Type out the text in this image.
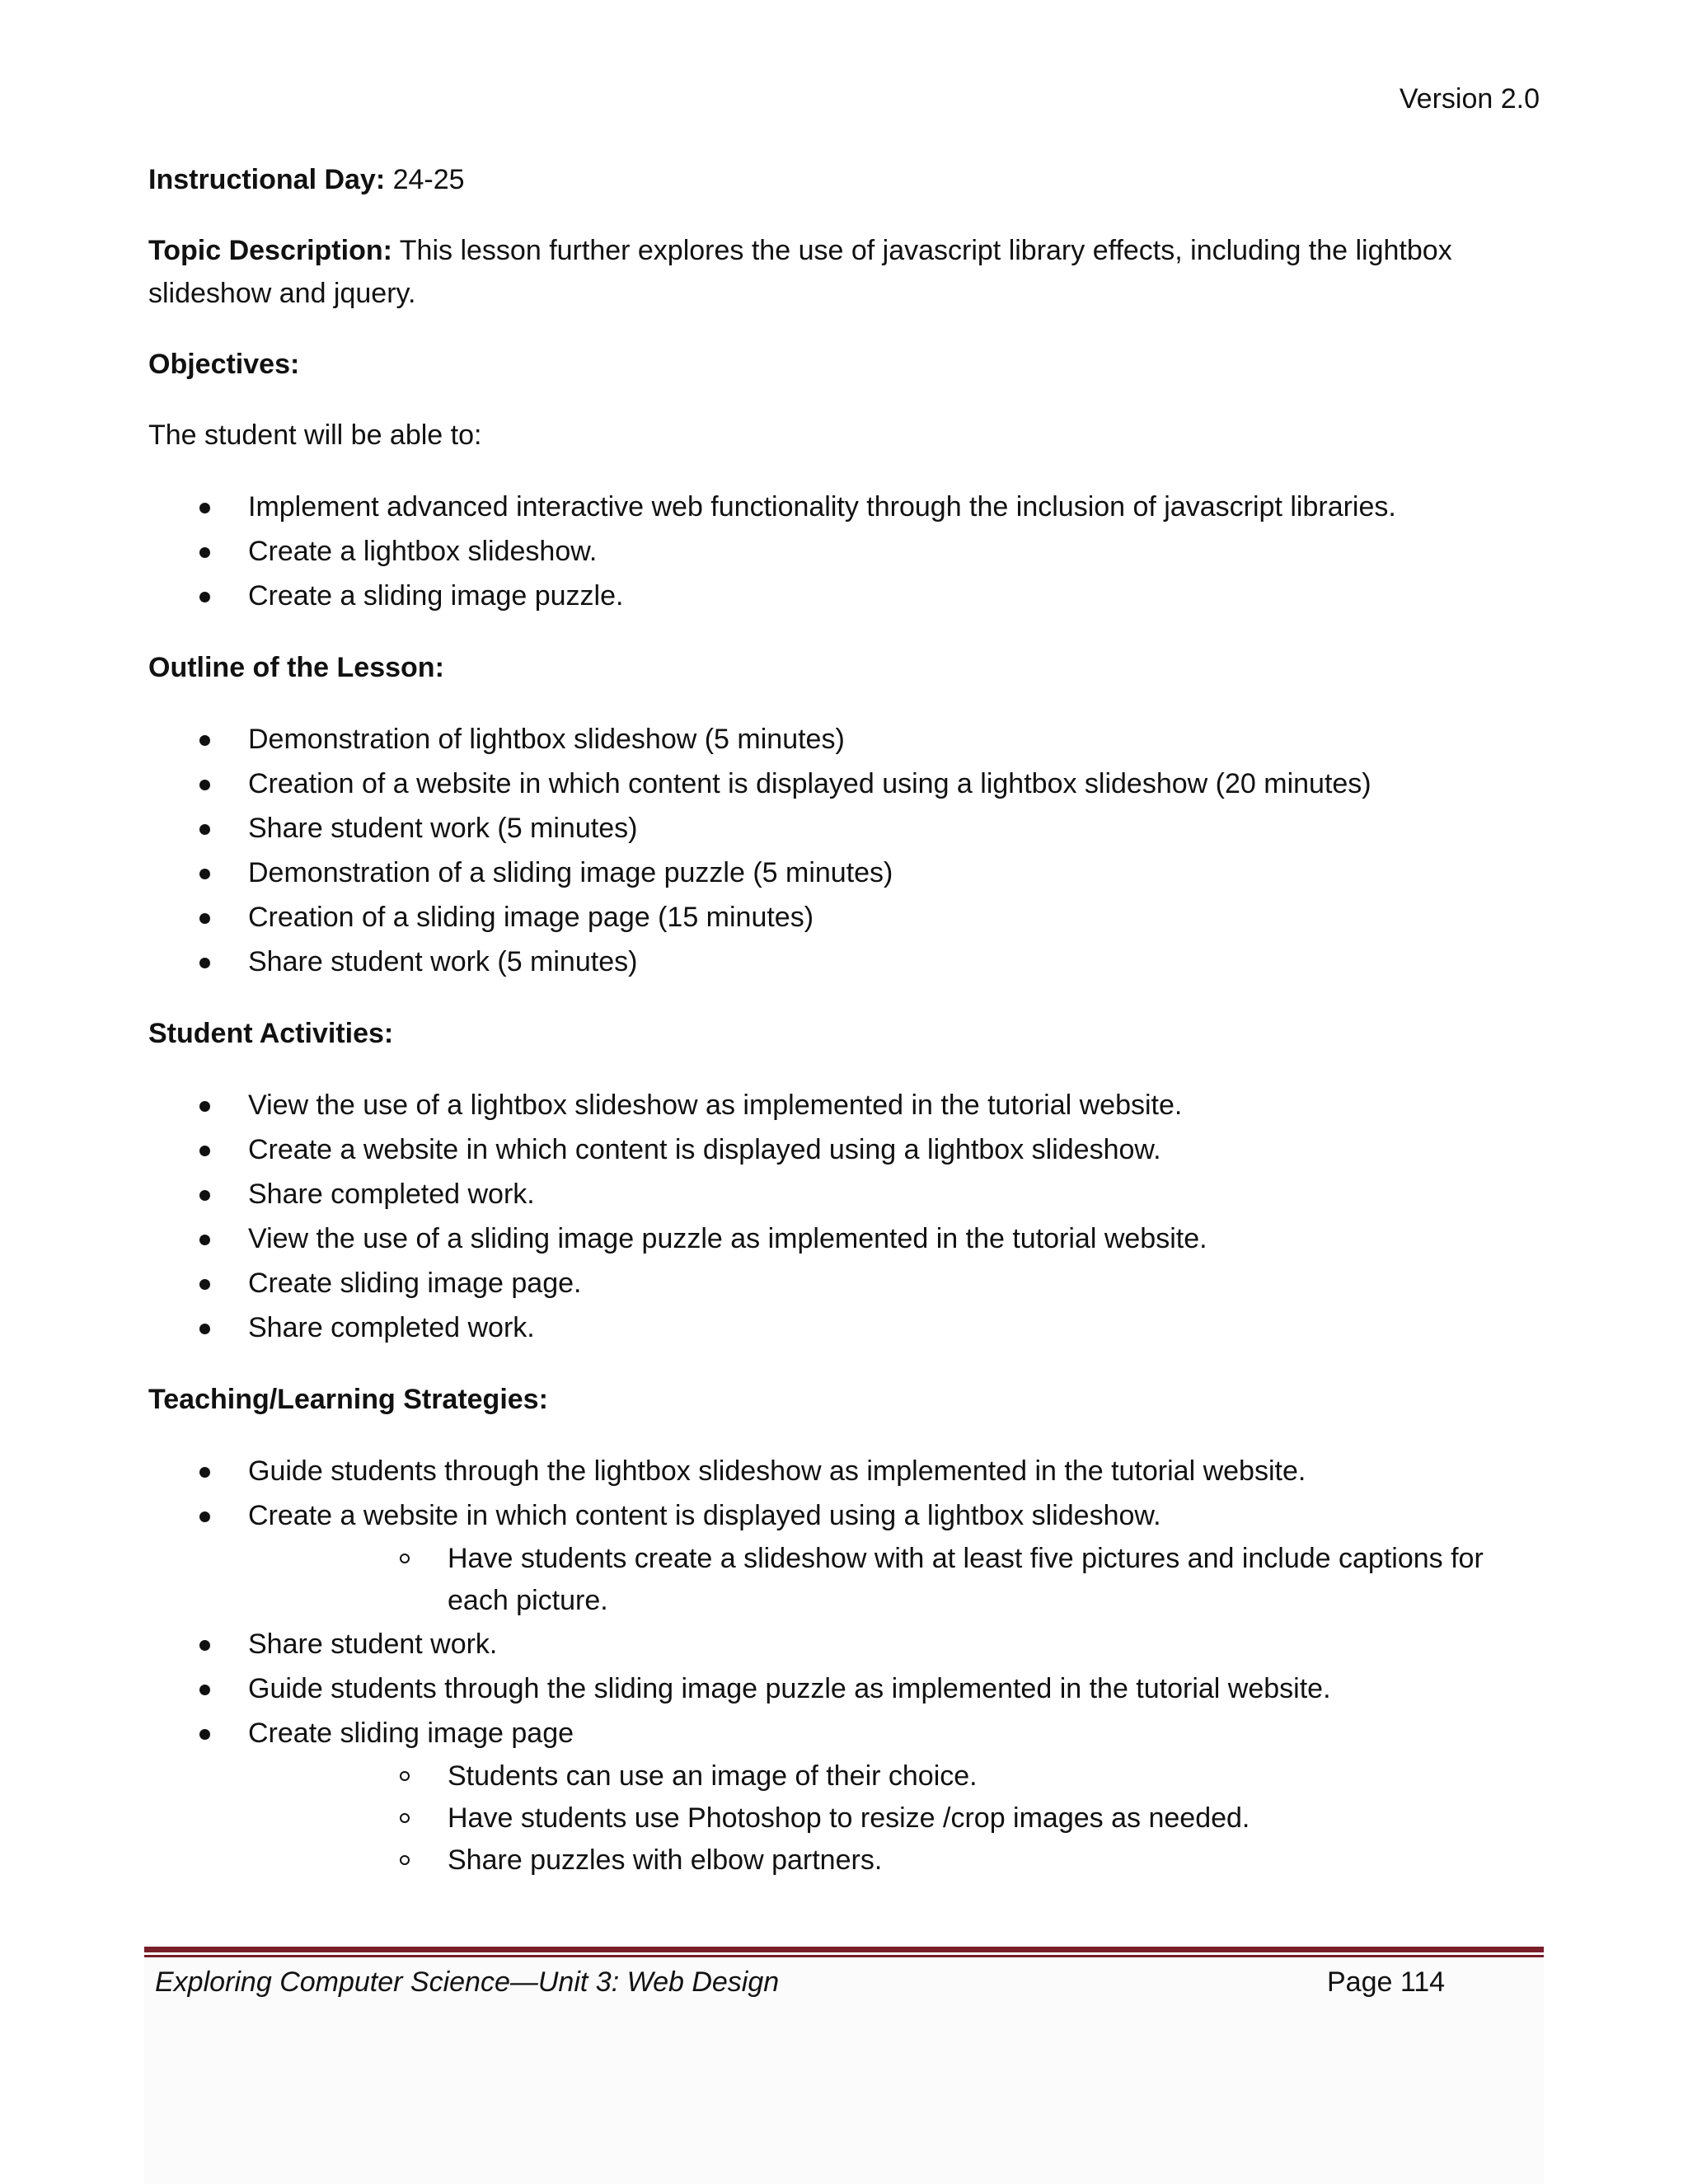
Version 2.0

Instructional Day: 24-25

Topic Description: This lesson further explores the use of javascript library effects, including the lightbox slideshow and jquery.

Objectives:

The student will be able to:

Implement advanced interactive web functionality through the inclusion of javascript libraries.
Create a lightbox slideshow.
Create a sliding image puzzle.
Outline of the Lesson:
Demonstration of lightbox slideshow (5 minutes)
Creation of a website in which content is displayed using a lightbox slideshow (20 minutes)
Share student work (5 minutes)
Demonstration of a sliding image puzzle (5 minutes)
Creation of a sliding image page (15 minutes)
Share student work (5 minutes)
Student Activities:
View the use of a lightbox slideshow as implemented in the tutorial website.
Create a website in which content is displayed using a lightbox slideshow.
Share completed work.
View the use of a sliding image puzzle as implemented in the tutorial website.
Create sliding image page.
Share completed work.
Teaching/Learning Strategies:
Guide students through the lightbox slideshow as implemented in the tutorial website.
Create a website in which content is displayed using a lightbox slideshow.
Have students create a slideshow with at least five pictures and include captions for each picture.
Share student work.
Guide students through the sliding image puzzle as implemented in the tutorial website.
Create sliding image page
Students can use an image of their choice.
Have students use Photoshop to resize /crop images as needed.
Share puzzles with elbow partners.
Exploring Computer Science—Unit 3: Web Design	Page 114
